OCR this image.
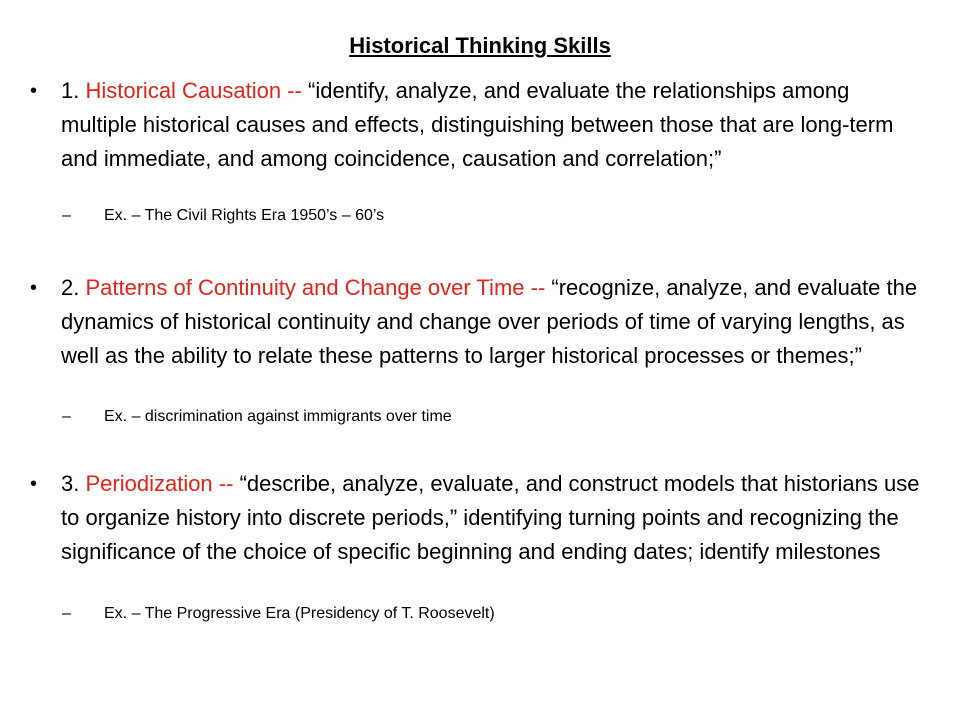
Historical Thinking Skills
•	1. Historical Causation -- “identify, analyze, and evaluate the relationships among multiple historical causes and effects, distinguishing between those that are long-term and immediate, and among coincidence, causation and correlation;”
– Ex. – The Civil Rights Era 1950’s – 60’s
•	2. Patterns of Continuity and Change over Time -- “recognize, analyze, and evaluate the dynamics of historical continuity and change over periods of time of varying lengths, as well as the ability to relate these patterns to larger historical processes or themes;”
– Ex. – discrimination against immigrants over time
•	3. Periodization -- “describe, analyze, evaluate, and construct models that historians use to organize history into discrete periods,” identifying turning points and recognizing the significance of the choice of specific beginning and ending dates; identify milestones
– Ex. – The Progressive Era (Presidency of T. Roosevelt)
